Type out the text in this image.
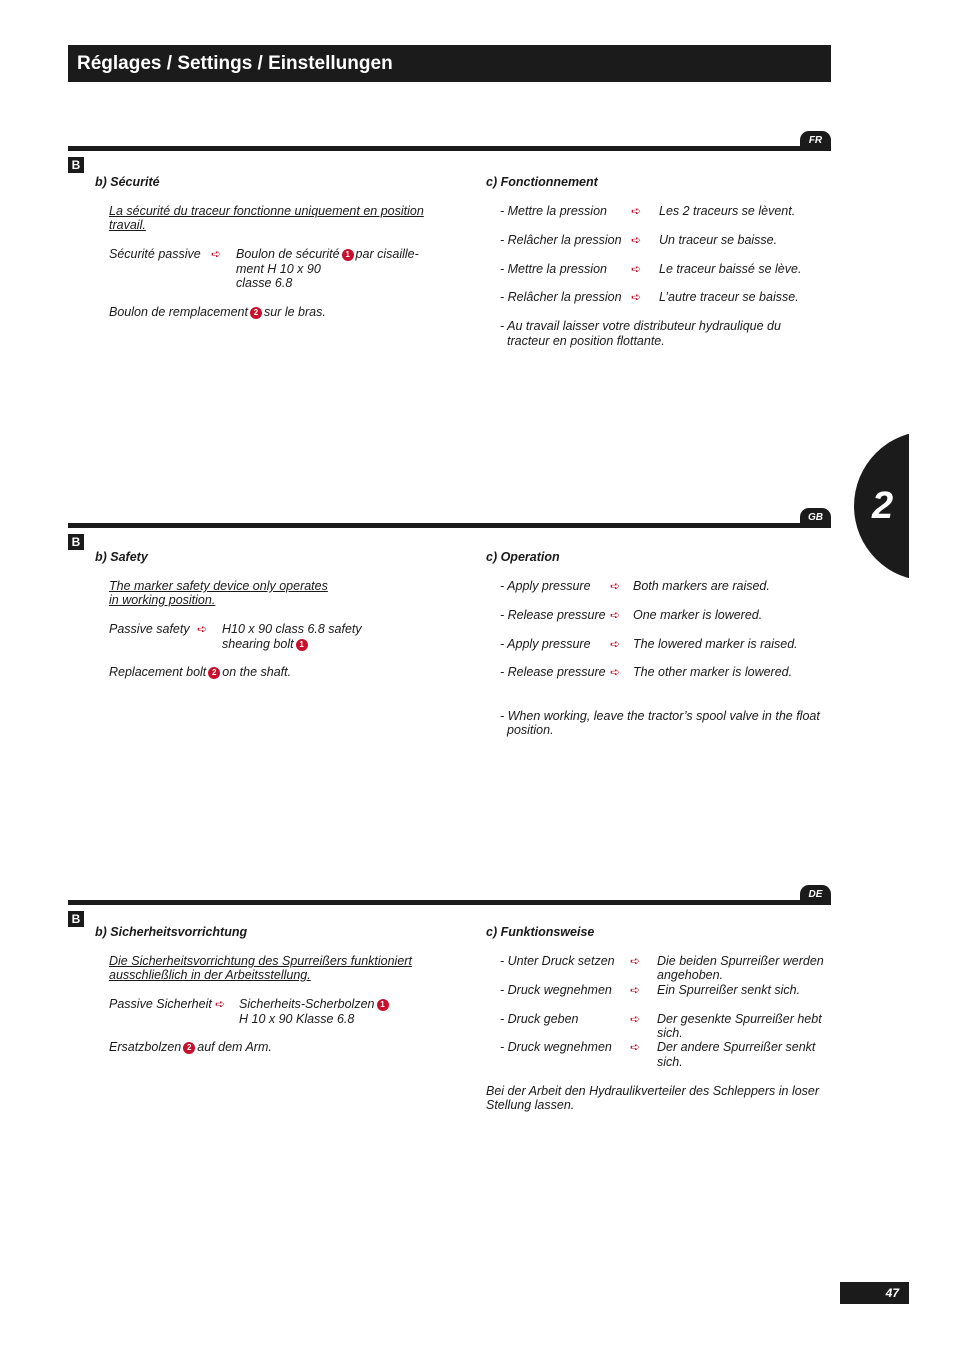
Réglages / Settings / Einstellungen
FR
B
b) Sécurité
La sécurité du traceur fonctionne uniquement en position
travail.
Sécurité passive ➪ Boulon de sécurité 1 par cisaille-
ment H 10 x 90
classe 6.8
Boulon de remplacement 2 sur le bras.
c) Fonctionnement
- Mettre la pression ➪ Les 2 traceurs se lèvent.
- Relâcher la pression ➪ Un traceur se baisse.
- Mettre la pression ➪ Le traceur baissé se lève.
- Relâcher la pression ➪ L’autre traceur se baisse.
- Au travail laisser votre distributeur hydraulique du
tracteur en position flottante.
2
GB
B
b) Safety
The marker safety device only operates
in working position.
Passive safety ➪ H10 x 90 class 6.8 safety
shearing bolt 1
Replacement bolt 2 on the shaft.
c) Operation
- Apply pressure ➪ Both markers are raised.
- Release pressure ➪ One marker is lowered.
- Apply pressure ➪ The lowered marker is raised.
- Release pressure ➪ The other marker is lowered.
- When working, leave the tractor’s spool valve in the float
position.
DE
B
b) Sicherheitsvorrichtung
Die Sicherheitsvorrichtung des Spurreißers funktioniert
ausschließlich in der Arbeitsstellung.
Passive Sicherheit ➪ Sicherheits-Scherbolzen 1
H 10 x 90 Klasse 6.8
Ersatzbolzen 2 auf dem Arm.
c) Funktionsweise
- Unter Druck setzen ➪ Die beiden Spurreißer werden
angehoben.
- Druck wegnehmen ➪ Ein Spurreißer senkt sich.
- Druck geben	➪ Der gesenkte Spurreißer hebt
sich.
- Druck wegnehmen ➪ Der andere Spurreißer senkt
sich.
Bei der Arbeit den Hydraulikverteiler des Schleppers in loser
Stellung lassen.
47
